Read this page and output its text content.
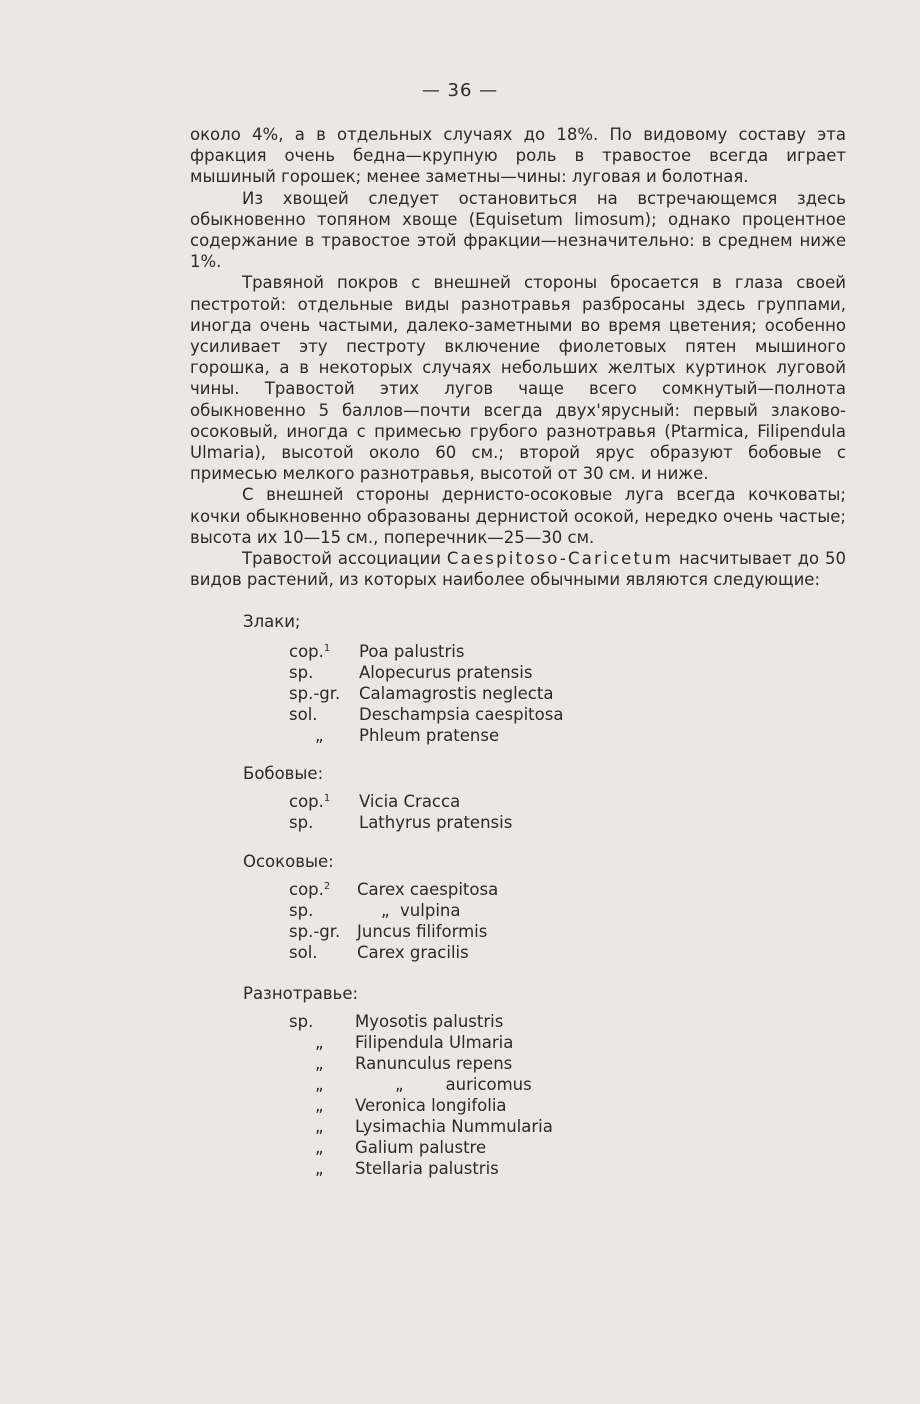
— 36 —

около 4%, а в отдельных случаях до 18%. По видовому составу эта фракция очень бедна—крупную роль в травостое всегда играет мышиный горошек; менее заметны—чины: луговая и болотная.

Из хвощей следует остановиться на встречающемся здесь обыкновенно топяном хвоще (Equisetum limosum); однако процентное содержание в травостое этой фракции—незначительно: в среднем ниже 1%.

Травяной покров с внешней стороны бросается в глаза своей пестротой: отдельные виды разнотравья разбросаны здесь группами, иногда очень частыми, далеко-заметными во время цветения; особенно усиливает эту пестроту включение фиолетовых пятен мышиного горошка, а в некоторых случаях небольших желтых куртинок луговой чины. Травостой этих лугов чаще всего сомкнутый—полнота обыкновенно 5 баллов—почти всегда двух'ярусный: первый злаково-осоковый, иногда с примесью грубого разнотравья (Ptarmica, Filipendula Ulmaria), высотой около 60 см.; второй ярус образуют бобовые с примесью мелкого разнотравья, высотой от 30 см. и ниже.

С внешней стороны дернисто-осоковые луга всегда кочковаты; кочки обыкновенно образованы дернистой осокой, нередко очень частые; высота их 10—15 см., поперечник—25—30 см.

Травостой ассоциации Caespitoso-Caricetum насчитывает до 50 видов растений, из которых наиболее обычными являются следующие:

Злаки;
cop.$^1$ Poa palustris
sp.	Alopecurus pratensis
sp.-gr. Calamagrostis neglecta
sol.	Deschampsia caespitosa
„ Phleum pratense
Бобовые:
cop.$^1$ Vicia Cracca
sp.	Lathyrus pratensis
Осоковые:
cop.$^2$ Carex caespitosa
sp.	„  vulpina
sp.-gr. Juncus filiformis
sol. Carex gracilis
Разнотравье:
sp.	Myosotis palustris
„ Filipendula Ulmaria
„ Ranunculus repens
„	„        auricomus
„ Veronica longifolia
„ Lysimachia Nummularia
„ Galium palustre
„ Stellaria palustris
